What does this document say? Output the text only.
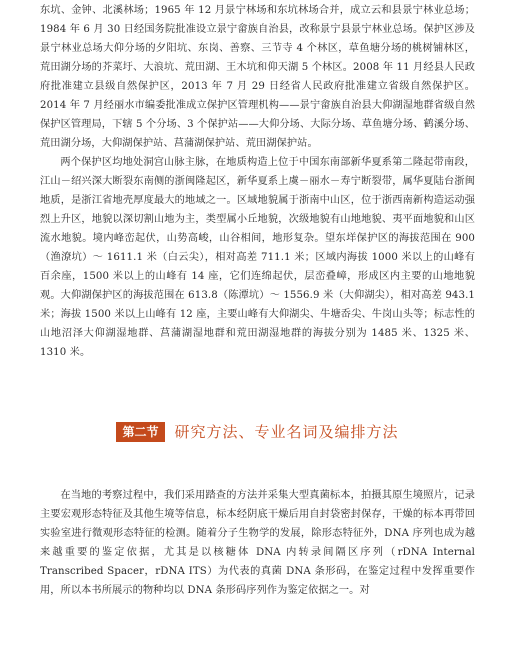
东坑、金钟、北溪林场；1965 年 12 月景宁林场和东坑林场合并，成立云和县景宁林业总场；1984 年 6 月 30 日经国务院批准设立景宁畲族自治县，改称景宁县景宁林业总场。保护区涉及景宁林业总场大仰分场的夕阳坑、东岗、善察、三节寺 4 个林区，草鱼塘分场的桃树铺林区，荒田湖分场的芥菜圩、大浪坑、荒田湖、王木坑和仰天湖 5 个林区。2008 年 11 月经县人民政府批准建立县级自然保护区，2013 年 7 月 29 日经省人民政府批准建立省级自然保护区。2014 年 7 月经丽水市编委批准成立保护区管理机构——景宁畲族自治县大仰湖湿地群省级自然保护区管理局，下辖 5 个分场、3 个保护站——大仰分场、大际分场、草鱼塘分场、鹤溪分场、荒田湖分场，大仰湖保护站、莒蒲湖保护站、荒田湖保护站。

两个保护区均地处洞宫山脉主脉，在地质构造上位于中国东南部新华夏系第二隆起带南段，江山－绍兴深大断裂东南侧的浙闽隆起区，新华夏系上虞－丽水－寿宁断裂带，属华夏陆台浙闽地质，是浙江省地壳厚度最大的地域之一。区域地貌属于浙南中山区，位于浙西南新构造运动强烈上升区，地貌以深切割山地为主，类型属小丘地貌，次级地貌有山地地貌、夷平面地貌和山区流水地貌。境内峰峦起伏，山势高峻，山谷相间，地形复杂。望东垟保护区的海拔范围在 900（渔潦坑）～ 1611.1 米（白云尖），相对高差 711.1 米；区域内海拔 1000 米以上的山峰有百余座，1500 米以上的山峰有 14 座，它们连绵起伏，层峦叠嶂，形成区内主要的山地地貌观。大仰湖保护区的海拔范围在 613.8（陈潭坑）～ 1556.9 米（大仰湖尖），相对高差 943.1 米；海拔 1500 米以上山峰有 12 座，主要山峰有大仰湖尖、牛塘岙尖、牛岗山头等；标志性的山地沼泽大仰湖湿地群、莒蒲湖湿地群和荒田湖湿地群的海拔分别为 1485 米、1325 米、1310 米。

第二节	研究方法、专业名词及编排方法

在当地的考察过程中，我们采用踏查的方法并采集大型真菌标本，拍摄其原生境照片，记录主要宏观形态特征及其他生境等信息，标本经阴底干燥后用自封袋密封保存，干燥的标本再带回实验室进行微观形态特征的检测。随着分子生物学的发展，除形态特征外，DNA 序列也成为越来越重要的鉴定依据，尤其是以核糖体 DNA 内转录间隔区序列（rDNA Internal Transcribed Spacer，rDNA ITS）为代表的真菌 DNA 条形码，在鉴定过程中发挥重要作用，所以本书所展示的物种均以 DNA 条形码序列作为鉴定依据之一。对
